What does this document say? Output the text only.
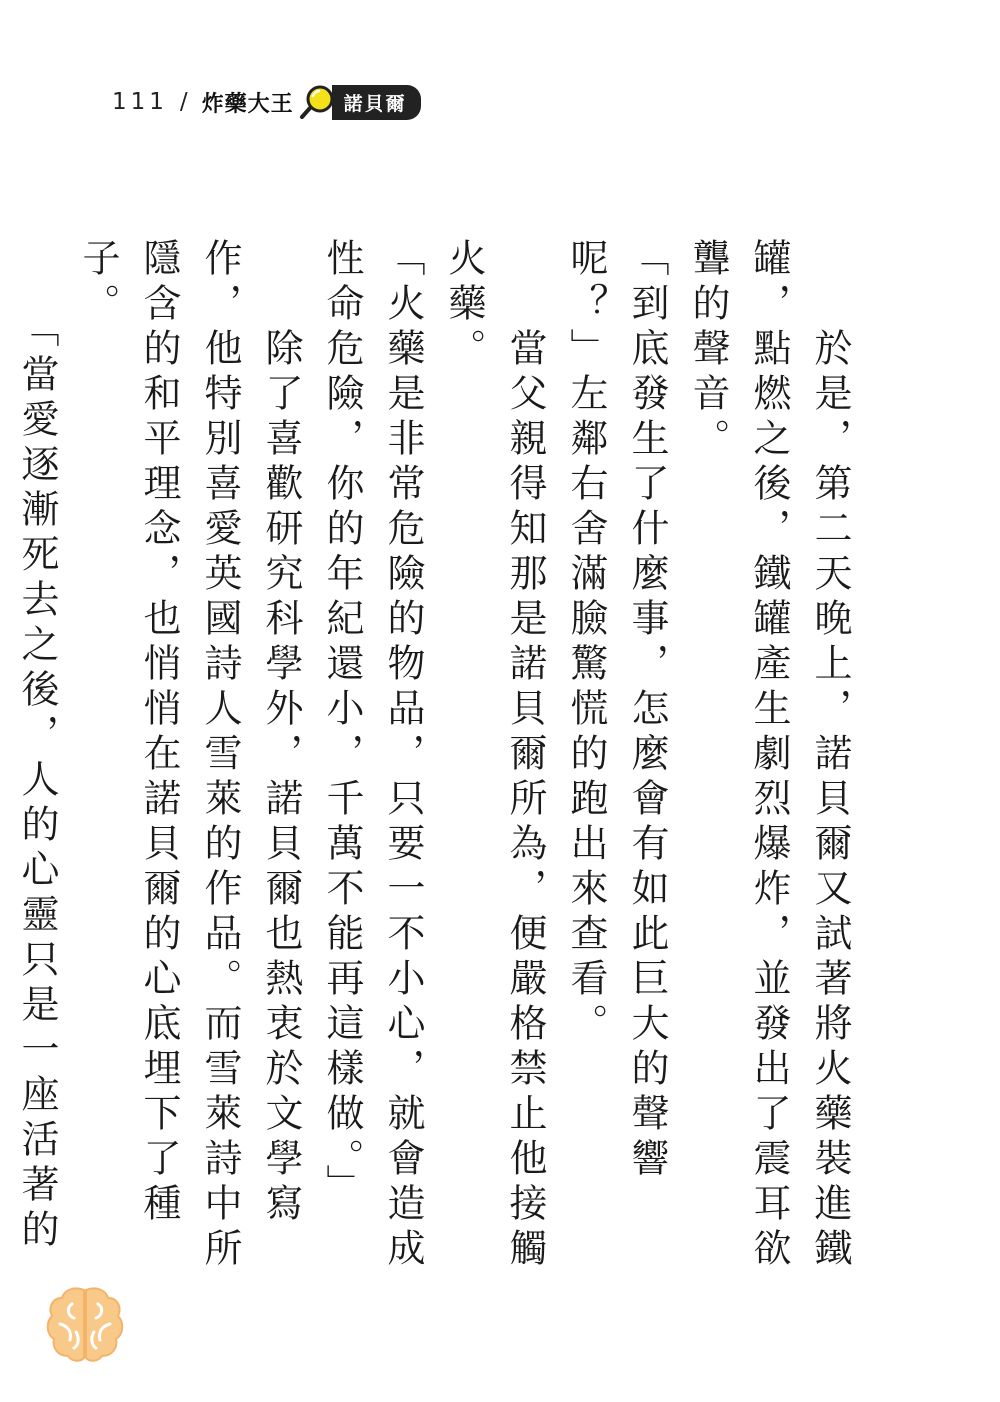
111 / 炸藥大王	諾貝爾

　　於是，第二天晚上，諾貝爾又試著將火藥裝進鐵罐，點燃之後，鐵罐產生劇烈爆炸，並發出了震耳欲聾的聲音。

「到底發生了什麼事，怎麼會有如此巨大的聲響呢？」左鄰右舍滿臉驚慌的跑出來查看。

　　當父親得知那是諾貝爾所為，便嚴格禁止他接觸火藥。

「火藥是非常危險的物品，只要一不小心，就會造成性命危險，你的年紀還小，千萬不能再這樣做。」

　　除了喜歡研究科學外，諾貝爾也熱衷於文學寫作，他特別喜愛英國詩人雪萊的作品。而雪萊詩中所隱含的和平理念，也悄悄在諾貝爾的心底埋下了種子。

　　「當愛逐漸死去之後，人的心靈只是一座活著的
